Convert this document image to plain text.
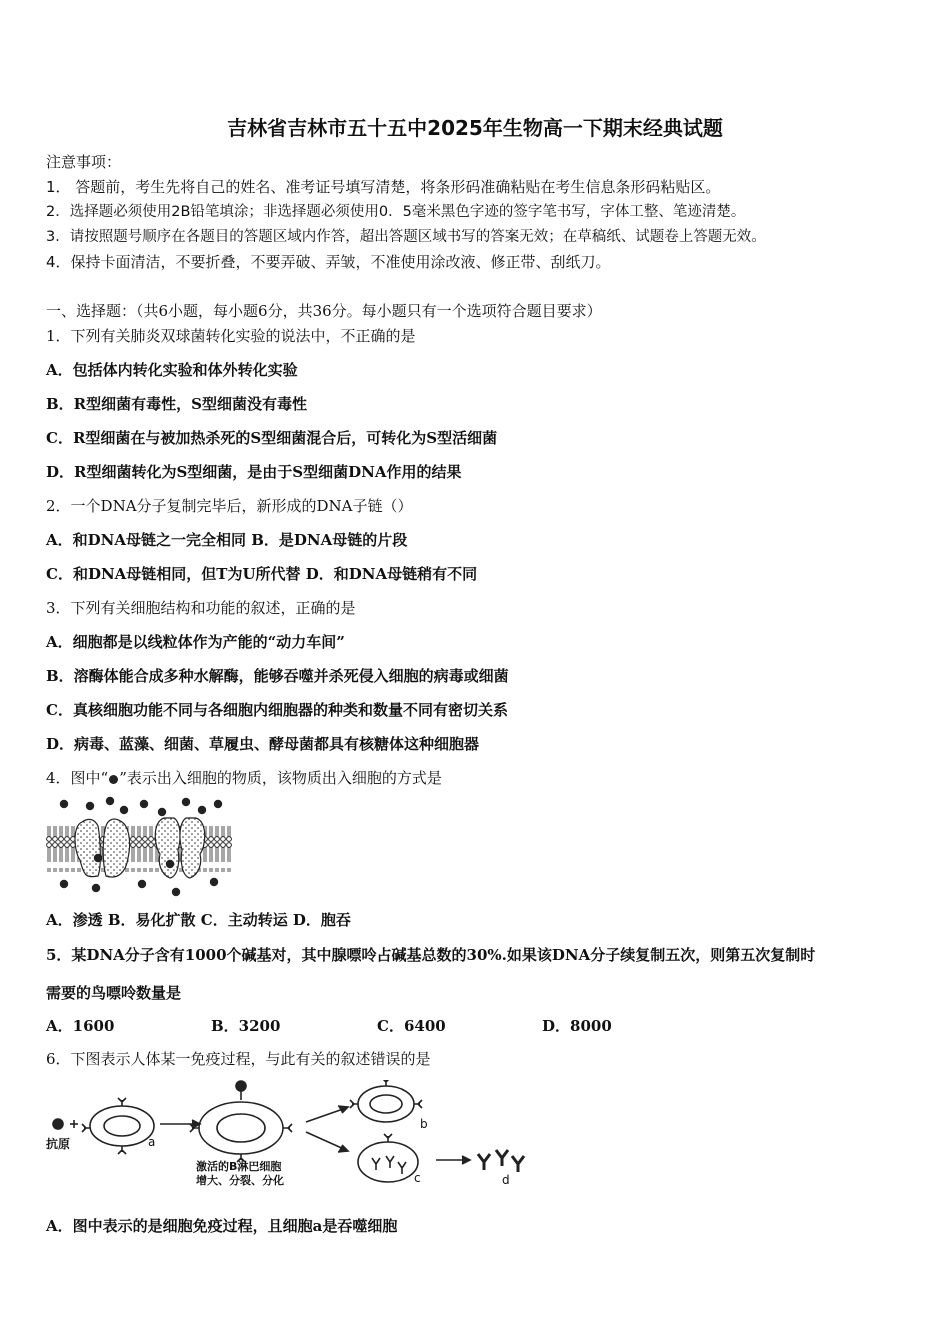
吉林省吉林市五十五中2025年生物高一下期末经典试题
注意事项：
1． 答题前，考生先将自己的姓名、准考证号填写清楚，将条形码准确粘贴在考生信息条形码粘贴区。
2．选择题必须使用2B铅笔填涂；非选择题必须使用0．5毫米黑色字迹的签字笔书写，字体工整、笔迹清楚。
3．请按照题号顺序在各题目的答题区域内作答，超出答题区域书写的答案无效；在草稿纸、试题卷上答题无效。
4．保持卡面清洁，不要折叠，不要弄破、弄皱，不准使用涂改液、修正带、刮纸刀。
一、选择题：（共6小题，每小题6分，共36分。每小题只有一个选项符合题目要求）
1．下列有关肺炎双球菌转化实验的说法中，不正确的是
A．包括体内转化实验和体外转化实验
B．R型细菌有毒性，S型细菌没有毒性
C．R型细菌在与被加热杀死的S型细菌混合后，可转化为S型活细菌
D．R型细菌转化为S型细菌，是由于S型细菌DNA作用的结果
2．一个DNA分子复制完毕后，新形成的DNA子链（）
A．和DNA母链之一完全相同 B．是DNA母链的片段
C．和DNA母链相同，但T为U所代替 D．和DNA母链稍有不同
3．下列有关细胞结构和功能的叙述，正确的是
A．细胞都是以线粒体作为产能的“动力车间”
B．溶酶体能合成多种水解酶，能够吞噬并杀死侵入细胞的病毒或细菌
C．真核细胞功能不同与各细胞内细胞器的种类和数量不同有密切关系
D．病毒、蓝藻、细菌、草履虫、酵母菌都具有核糖体这种细胞器
4．图中“ ”表示出入细胞的物质，该物质出入细胞的方式是
A．渗透 B．易化扩散 C．主动转运 D．胞吞
5．某DNA分子含有1000个碱基对，其中腺嘌呤占碱基总数的30%.如果该DNA分子续复制五次，则第五次复制时
需要的鸟嘌呤数量是
A．1600	B．3200	C．6400	D．8000
6．下图表示人体某一免疫过程，与此有关的叙述错误的是
抗原	a
b
c	d
激活的B淋巴细胞
增大、分裂、分化
A．图中表示的是细胞免疫过程，且细胞a是吞噬细胞
